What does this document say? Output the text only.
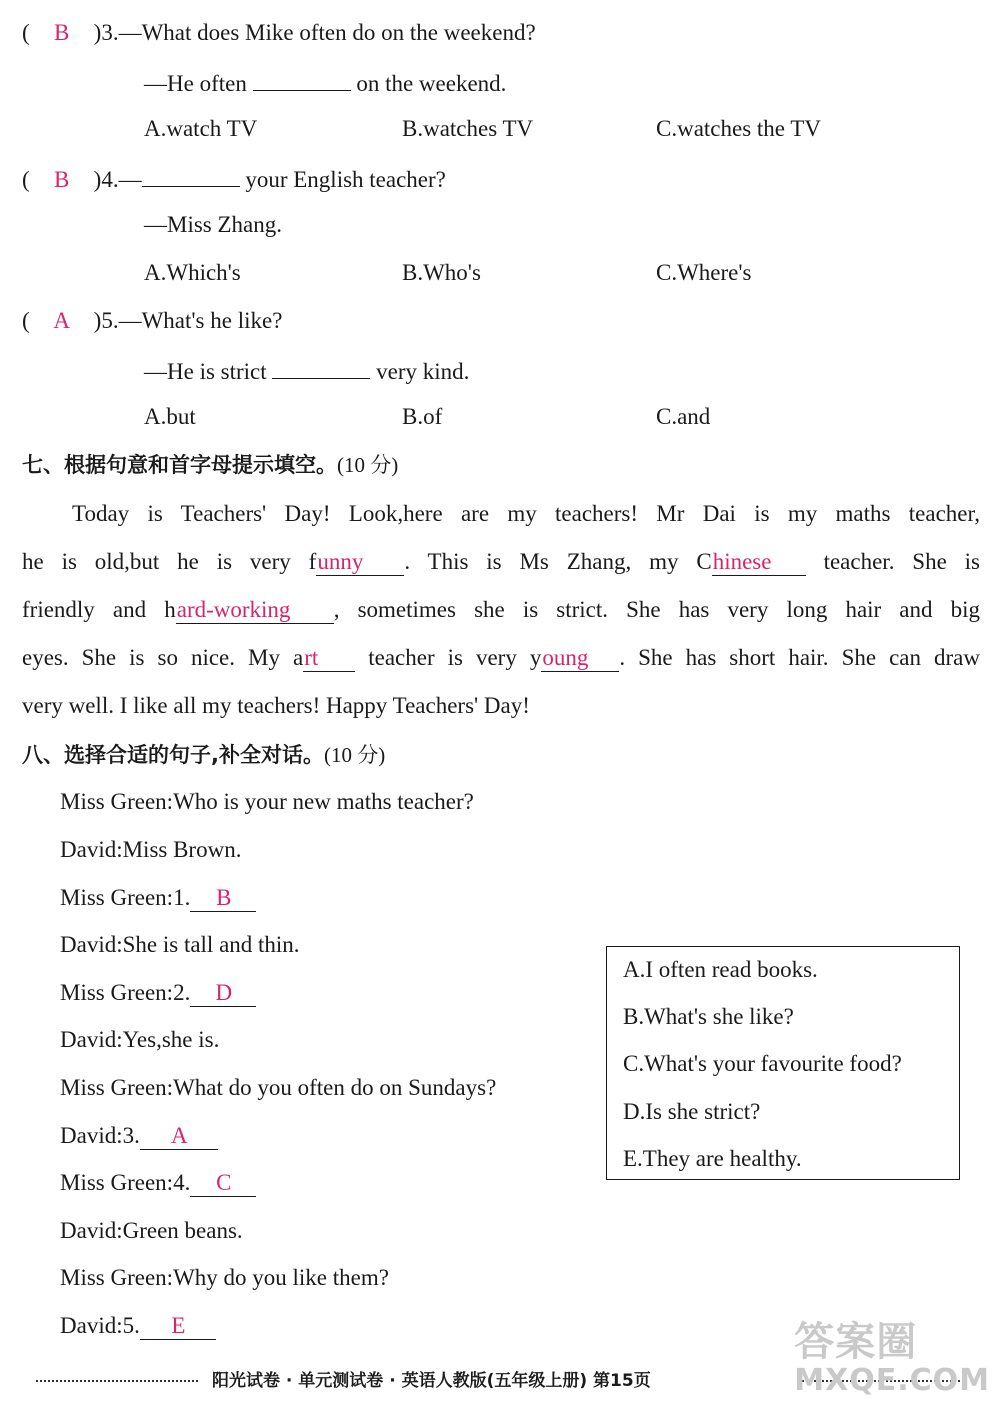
( B )3.—What does Mike often do on the weekend?
—He often	on the weekend.
A.watch TV	B.watches TV	C.watches the TV
( B )4.—	your English teacher?
—Miss Zhang.
A.Which's	B.Who's	C.Where's
( A )5.—What's he like?
—He is strict	very kind.
A.but	B.of	C.and
七、根据句意和首字母提示填空。(10 分)
Today is Teachers' Day! Look,here are my teachers! Mr Dai is my maths teacher,
he is old,but he is very funny . This is Ms Zhang, my Chinese teacher. She is
friendly and hard-working , sometimes she is strict. She has very long hair and big
eyes. She is so nice. My art teacher is very young . She has short hair. She can draw
very well. I like all my teachers! Happy Teachers' Day!
八、选择合适的句子,补全对话。(10 分)
Miss Green:Who is your new maths teacher?
David:Miss Brown.
Miss Green:1. B
David:She is tall and thin.
Miss Green:2. D
David:Yes,she is.
Miss Green:What do you often do on Sundays?
David:3. A
Miss Green:4. C
David:Green beans.
Miss Green:Why do you like them?
David:5. E
A.I often read books.
B.What's she like?
C.What's your favourite food?
D.Is she strict?
E.They are healthy.
阳光试卷 · 单元测试卷 · 英语人教版(五年级上册) 第15页
答案圈
MXQE.COM
